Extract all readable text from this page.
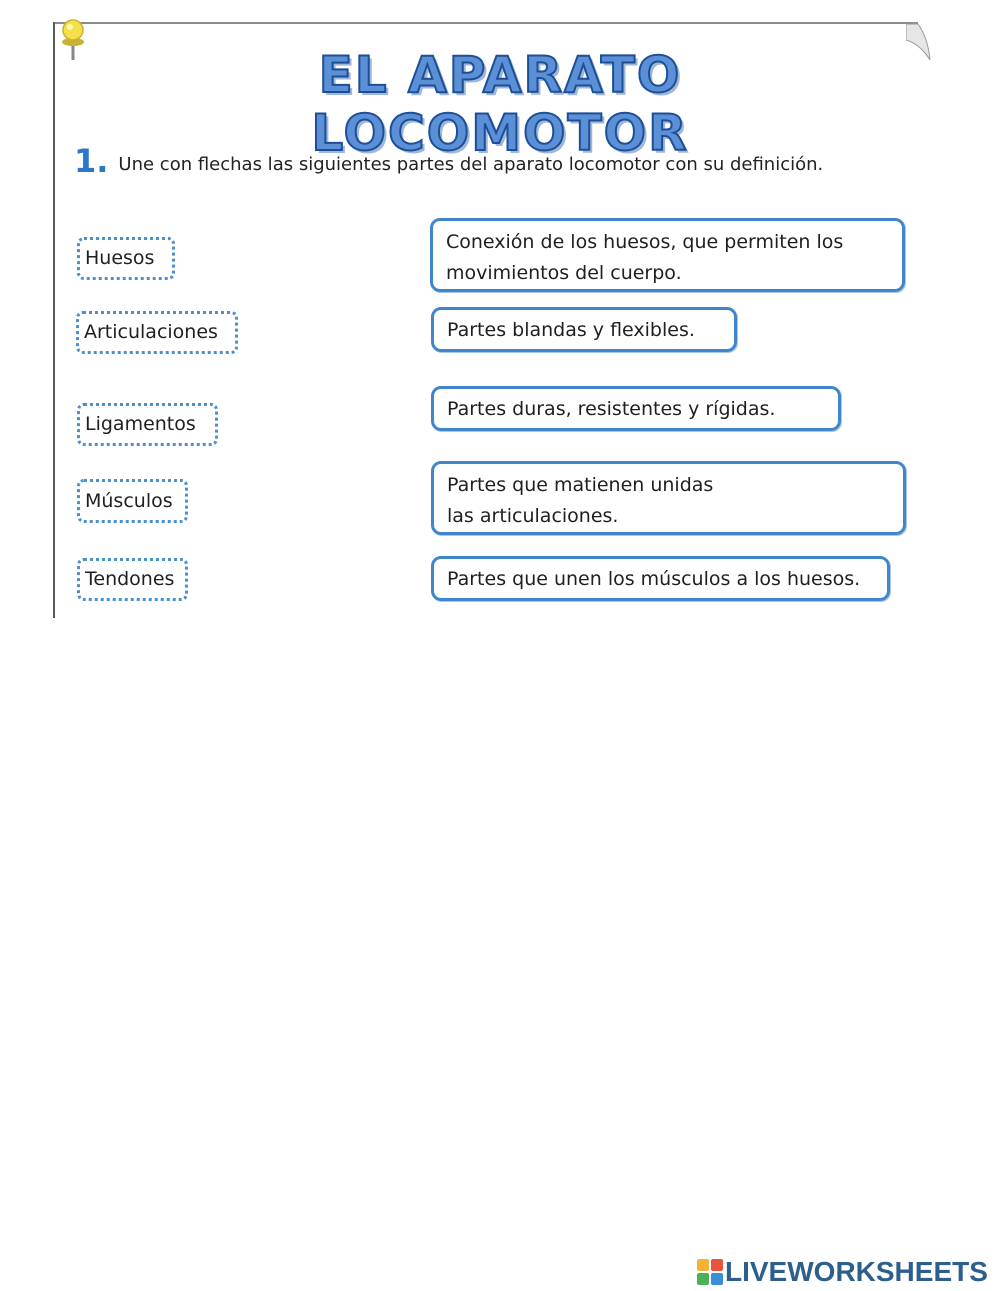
EL APARATO LOCOMOTOR
1. Une con flechas las siguientes partes del aparato locomotor con su definición.
Huesos
Articulaciones
Ligamentos
Músculos
Tendones
Conexión de los huesos, que permiten los movimientos del cuerpo.
Partes blandas y flexibles.
Partes duras, resistentes y rígidas.
Partes que matienen unidas las articulaciones.
Partes que unen los músculos a los huesos.
LIVEWORKSHEETS
